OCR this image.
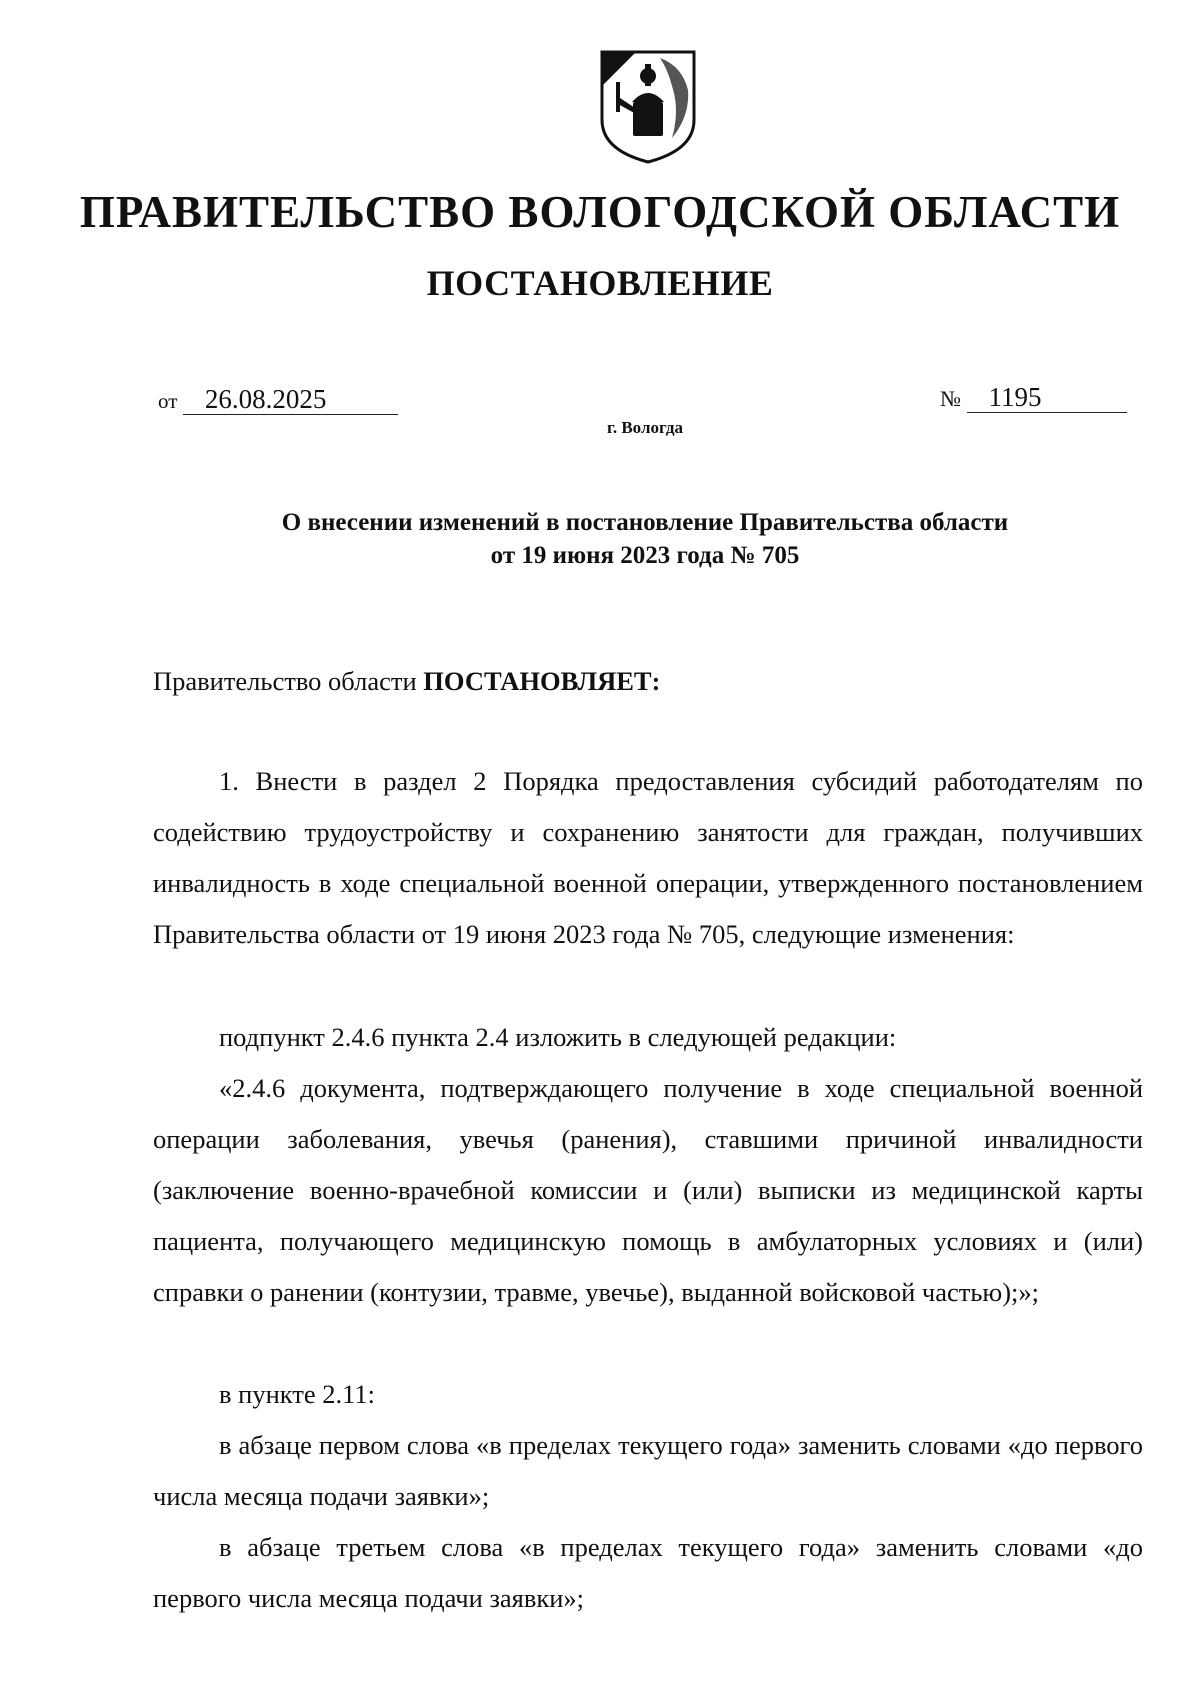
ПРАВИТЕЛЬСТВО ВОЛОГОДСКОЙ ОБЛАСТИ
ПОСТАНОВЛЕНИЕ
от 26.08.2025	№ 1195
г. Вологда
О внесении изменений в постановление Правительства области
от 19 июня 2023 года № 705
Правительство области ПОСТАНОВЛЯЕТ:

1. Внести в раздел 2 Порядка предоставления субсидий работодателям по содействию трудоустройству и сохранению занятости для граждан, получивших инвалидность в ходе специальной военной операции, утвержденного постановлением Правительства области от 19 июня 2023 года № 705, следующие изменения:

подпункт 2.4.6 пункта 2.4 изложить в следующей редакции:

«2.4.6 документа, подтверждающего получение в ходе специальной военной операции заболевания, увечья (ранения), ставшими причиной инвалидности (заключение военно-врачебной комиссии и (или) выписки из медицинской карты пациента, получающего медицинскую помощь в амбулаторных условиях и (или) справки о ранении (контузии, травме, увечье), выданной войсковой частью);»;

в пункте 2.11:

в абзаце первом слова «в пределах текущего года» заменить словами «до первого числа месяца подачи заявки»;

в абзаце третьем слова «в пределах текущего года» заменить словами «до первого числа месяца подачи заявки»;
